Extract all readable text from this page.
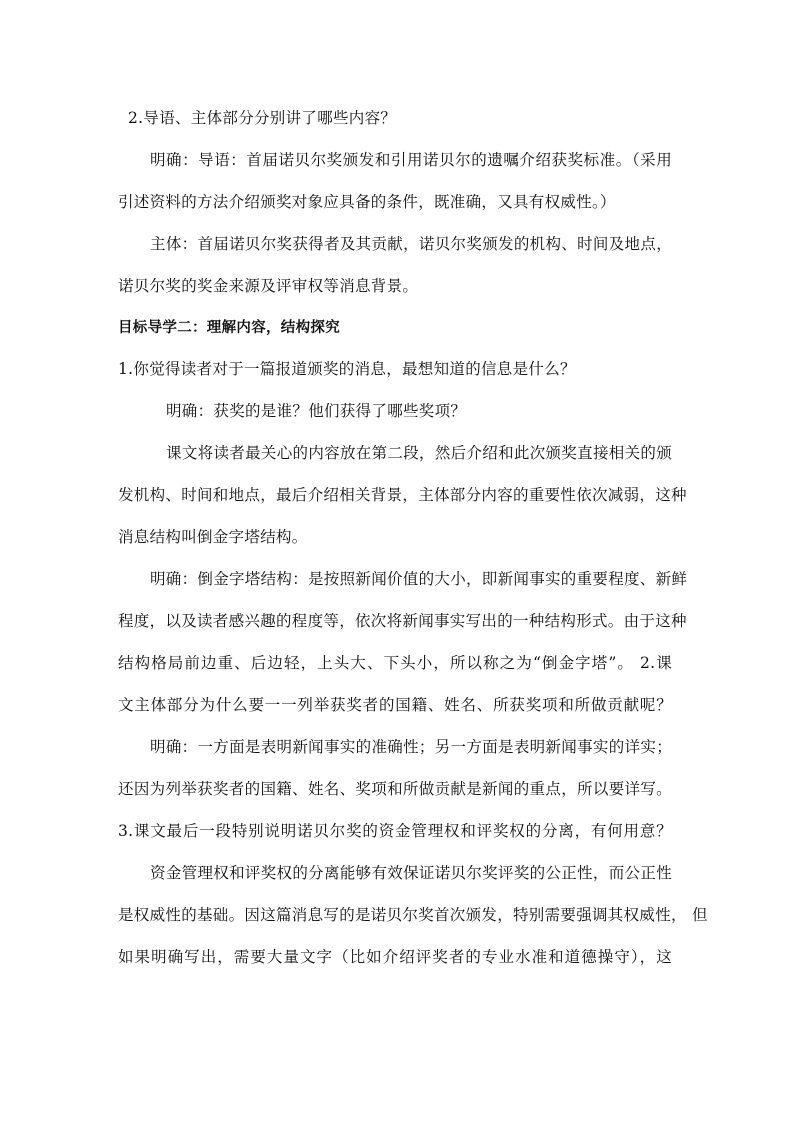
2.导语、主体部分分别讲了哪些内容？
明确：导语：首届诺贝尔奖颁发和引用诺贝尔的遗嘱介绍获奖标准。（采用
引述资料的方法介绍颁奖对象应具备的条件，既准确，又具有权威性。）
主体：首届诺贝尔奖获得者及其贡献，诺贝尔奖颁发的机构、时间及地点，
诺贝尔奖的奖金来源及评审权等消息背景。
目标导学二：理解内容，结构探究
1.你觉得读者对于一篇报道颁奖的消息，最想知道的信息是什么？
明确：获奖的是谁？他们获得了哪些奖项？
课文将读者最关心的内容放在第二段，然后介绍和此次颁奖直接相关的颁
发机构、时间和地点，最后介绍相关背景，主体部分内容的重要性依次减弱，这种
消息结构叫倒金字塔结构。
明确：倒金字塔结构：是按照新闻价值的大小，即新闻事实的重要程度、新鲜
程度，以及读者感兴趣的程度等，依次将新闻事实写出的一种结构形式。由于这种
结构格局前边重、后边轻，上头大、下头小，所以称之为“倒金字塔”。 2.课
文主体部分为什么要一一列举获奖者的国籍、姓名、所获奖项和所做贡献呢？
明确：一方面是表明新闻事实的准确性；另一方面是表明新闻事实的详实；
还因为列举获奖者的国籍、姓名、奖项和所做贡献是新闻的重点，所以要详写。
3.课文最后一段特别说明诺贝尔奖的资金管理权和评奖权的分离，有何用意？
资金管理权和评奖权的分离能够有效保证诺贝尔奖评奖的公正性，而公正性
是权威性的基础。因这篇消息写的是诺贝尔奖首次颁发，特别需要强调其权威性， 但
如果明确写出，需要大量文字（比如介绍评奖者的专业水准和道德操守），这
